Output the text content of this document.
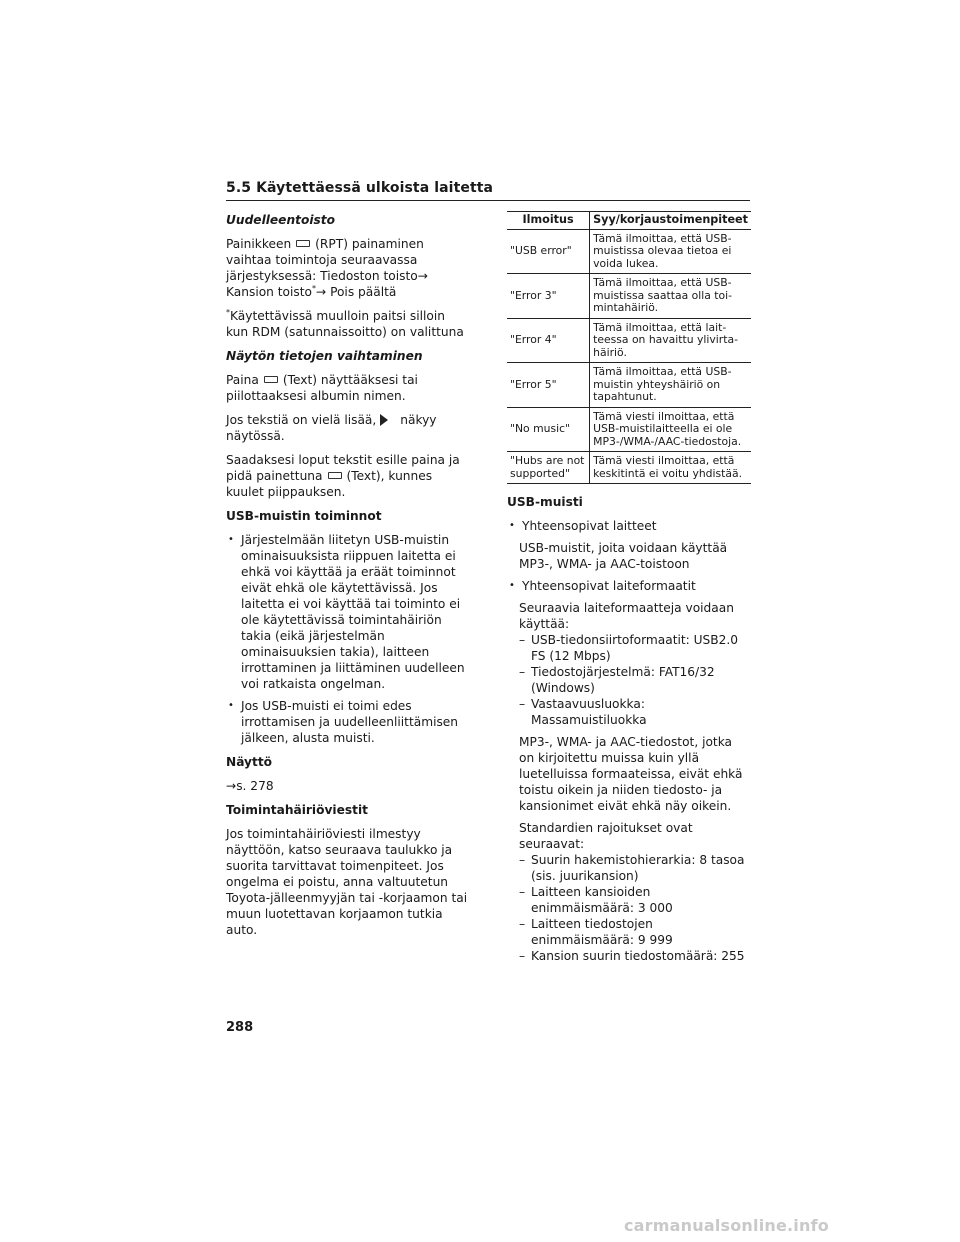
5.5 Käytettäessä ulkoista laitetta
Uudelleentoisto

Painikkeen (RPT) painaminen vaihtaa toimintoja seuraavassa järjestyksessä: Tiedoston toisto→ Kansion toisto*→ Pois päältä

*Käytettävissä muulloin paitsi silloin kun RDM (satunnaissoitto) on valittuna

Näytön tietojen vaihtaminen

Paina (Text) näyttääksesi tai piilottaaksesi albumin nimen.

Jos tekstiä on vielä lisää, näkyy näytössä.

Saadaksesi loput tekstit esille paina ja pidä painettuna (Text), kunnes kuulet piippauksen.

USB-muistin toiminnot
• Järjestelmään liitetyn USB-muistin ominaisuuksista riippuen laitetta ei ehkä voi käyttää ja eräät toiminnot eivät ehkä ole käytettävissä. Jos laitetta ei voi käyttää tai toiminto ei ole käytettävissä toimintahäiriön takia (eikä järjestelmän ominaisuuksien takia), laitteen irrottaminen ja liittäminen uudelleen voi ratkaista ongelman.
• Jos USB-muisti ei toimi edes irrottamisen ja uudelleenliittämisen jälkeen, alusta muisti.
Näyttö

→s. 278

Toimintahäiriöviestit

Jos toimintahäiriöviesti ilmestyy näyttöön, katso seuraava taulukko ja suorita tarvittavat toimenpiteet. Jos ongelma ei poistu, anna valtuutetun Toyota-jälleenmyyjän tai -korjaamon tai muun luotettavan korjaamon tutkia auto.

Ilmoitus	Syy/korjaustoimenpiteet
"USB error"	Tämä ilmoittaa, että USB-muistissa olevaa tietoa ei voida lukea.
"Error 3"	Tämä ilmoittaa, että USB-muistissa saattaa olla toi-mintahäiriö.
"Error 4"	Tämä ilmoittaa, että lait-teessa on havaittu ylivirta-häiriö.
"Error 5"	Tämä ilmoittaa, että USB-muistin yhteyshäiriö on tapahtunut.
"No music"	Tämä viesti ilmoittaa, että USB-muistilaitteella ei ole MP3-/WMA-/AAC-tiedostoja.
"Hubs are not supported"	Tämä viesti ilmoittaa, että keskitintä ei voitu yhdistää.
USB-muisti
• Yhteensopivat laitteet

USB-muistit, joita voidaan käyttää MP3-, WMA- ja AAC-toistoon

• Yhteensopivat laiteformaatit
Seuraavia laiteformaatteja voidaan käyttää:
– USB-tiedonsiirtoformaatit: USB2.0 FS (12 Mbps)
– Tiedostojärjestelmä: FAT16/32 (Windows)
– Vastaavuusluokka: Massamuistiluokka

MP3-, WMA- ja AAC-tiedostot, jotka on kirjoitettu muissa kuin yllä luetelluissa formaateissa, eivät ehkä toistu oikein ja niiden tiedosto- ja kansionimet eivät ehkä näy oikein.

Standardien rajoitukset ovat seuraavat:
– Suurin hakemistohierarkia: 8 tasoa (sis. juurikansion)
– Laitteen kansioiden enimmäismäärä: 3 000
– Laitteen tiedostojen enimmäismäärä: 9 999
– Kansion suurin tiedostomäärä: 255
288
carmanualsonline.info
